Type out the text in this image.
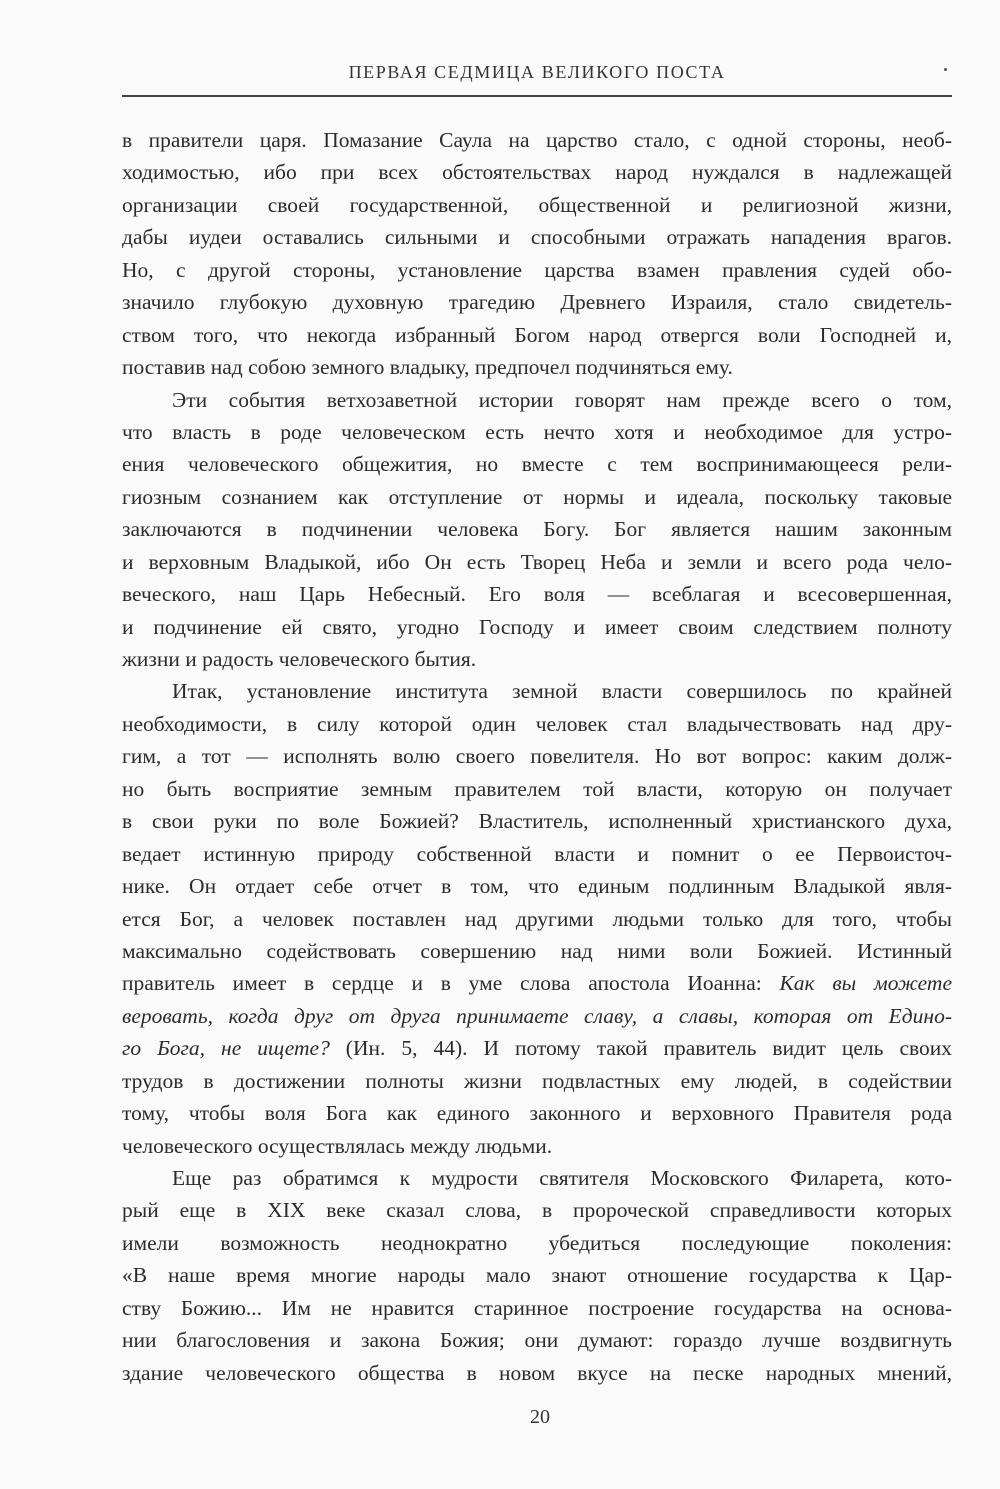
ПЕРВАЯ СЕДМИЦА ВЕЛИКОГО ПОСТА
в правители царя. Помазание Саула на царство стало, с одной стороны, необ-
ходимостью, ибо при всех обстоятельствах народ нуждался в надлежащей
организации своей государственной, общественной и религиозной жизни,
дабы иудеи оставались сильными и способными отражать нападения врагов.
Но, с другой стороны, установление царства взамен правления судей обо-
значило глубокую духовную трагедию Древнего Израиля, стало свидетель-
ством того, что некогда избранный Богом народ отвергся воли Господней и,
поставив над собою земного владыку, предпочел подчиняться ему.
Эти события ветхозаветной истории говорят нам прежде всего о том,
что власть в роде человеческом есть нечто хотя и необходимое для устро-
ения человеческого общежития, но вместе с тем воспринимающееся рели-
гиозным сознанием как отступление от нормы и идеала, поскольку таковые
заключаются в подчинении человека Богу. Бог является нашим законным
и верховным Владыкой, ибо Он есть Творец Неба и земли и всего рода чело-
веческого, наш Царь Небесный. Его воля — всеблагая и всесовершенная,
и подчинение ей свято, угодно Господу и имеет своим следствием полноту
жизни и радость человеческого бытия.
Итак, установление института земной власти совершилось по крайней
необходимости, в силу которой один человек стал владычествовать над дру-
гим, а тот — исполнять волю своего повелителя. Но вот вопрос: каким долж-
но быть восприятие земным правителем той власти, которую он получает
в свои руки по воле Божией? Властитель, исполненный христианского духа,
ведает истинную природу собственной власти и помнит о ее Первоисточ-
нике. Он отдает себе отчет в том, что единым подлинным Владыкой явля-
ется Бог, а человек поставлен над другими людьми только для того, чтобы
максимально содействовать совершению над ними воли Божией. Истинный
правитель имеет в сердце и в уме слова апостола Иоанна: Как вы можете
веровать, когда друг от друга принимаете славу, а славы, которая от Едино-
го Бога, не ищете? (Ин. 5, 44). И потому такой правитель видит цель своих
трудов в достижении полноты жизни подвластных ему людей, в содействии
тому, чтобы воля Бога как единого законного и верховного Правителя рода
человеческого осуществлялась между людьми.
Еще раз обратимся к мудрости святителя Московского Филарета, кото-
рый еще в XIX веке сказал слова, в пророческой справедливости которых
имели возможность неоднократно убедиться последующие поколения:
«В наше время многие народы мало знают отношение государства к Цар-
ству Божию... Им не нравится старинное построение государства на основа-
нии благословения и закона Божия; они думают: гораздо лучше воздвигнуть
здание человеческого общества в новом вкусе на песке народных мнений,
20
